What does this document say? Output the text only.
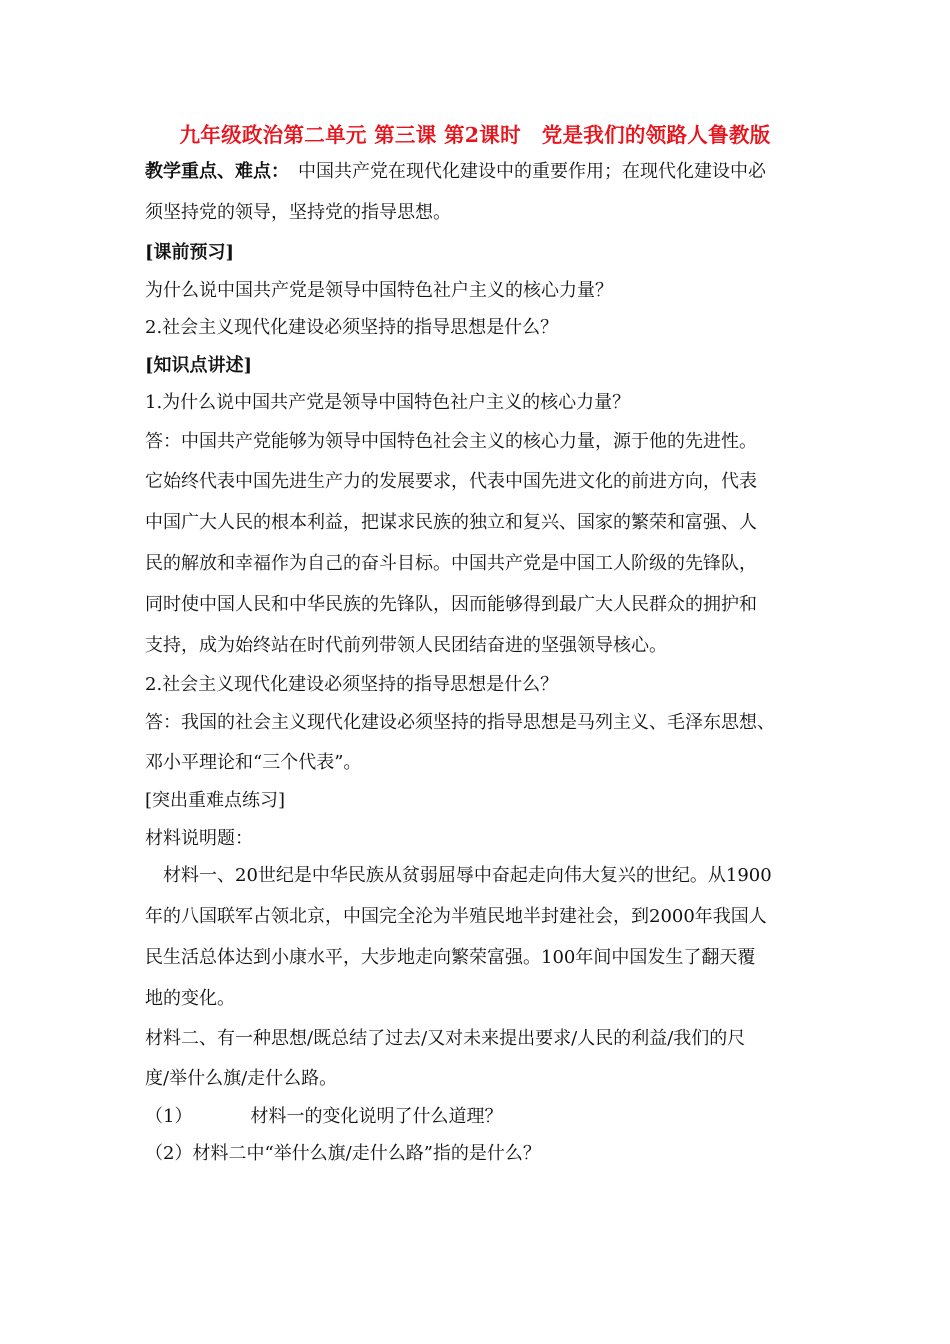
九年级政治第二单元 第三课 第2课时　党是我们的领路人鲁教版
教学重点、难点：　中国共产党在现代化建设中的重要作用；在现代化建设中必
须坚持党的领导，坚持党的指导思想。
[课前预习]
为什么说中国共产党是领导中国特色社户主义的核心力量？
2.社会主义现代化建设必须坚持的指导思想是什么？
[知识点讲述]
1.为什么说中国共产党是领导中国特色社户主义的核心力量？
答：中国共产党能够为领导中国特色社会主义的核心力量，源于他的先进性。
它始终代表中国先进生产力的发展要求，代表中国先进文化的前进方向，代表
中国广大人民的根本利益，把谋求民族的独立和复兴、国家的繁荣和富强、人
民的解放和幸福作为自己的奋斗目标。中国共产党是中国工人阶级的先锋队，
同时使中国人民和中华民族的先锋队，因而能够得到最广大人民群众的拥护和
支持，成为始终站在时代前列带领人民团结奋进的坚强领导核心。
2.社会主义现代化建设必须坚持的指导思想是什么？
答：我国的社会主义现代化建设必须坚持的指导思想是马列主义、毛泽东思想、
邓小平理论和“三个代表”。
[突出重难点练习]
材料说明题：
　材料一、20世纪是中华民族从贫弱屈辱中奋起走向伟大复兴的世纪。从1900
年的八国联军占领北京，中国完全沦为半殖民地半封建社会，到2000年我国人
民生活总体达到小康水平，大步地走向繁荣富强。100年间中国发生了翻天覆
地的变化。
材料二、有一种思想/既总结了过去/又对未来提出要求/人民的利益/我们的尺
度/举什么旗/走什么路。
（1）	材料一的变化说明了什么道理？
（2）材料二中“举什么旗/走什么路”指的是什么？
